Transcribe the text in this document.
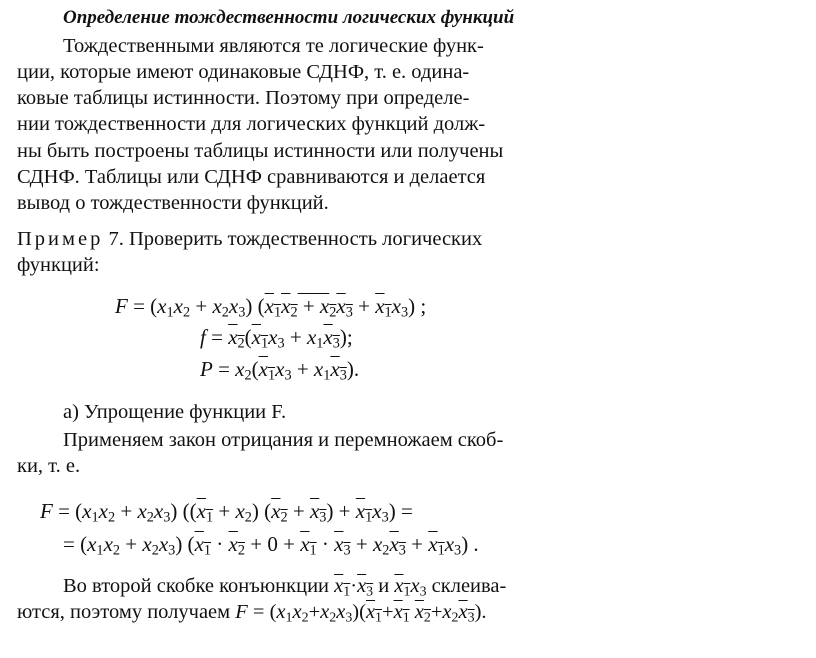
Определение тождественности логических функций
Тождественными являются те логические функ-
ции, которые имеют одинаковые СДНФ, т. е. одина-
ковые таблицы истинности. Поэтому при определе-
нии тождественности для логических функций долж-
ны быть построены таблицы истинности или получены
СДНФ. Таблицы или СДНФ сравниваются и делается
вывод о тождественности функций.
Пример 7. Проверить тождественность логических
функций:
$F = (x_1x_2 + x_2x_3) (x_1x_2 + x_2x_3 + x_1x_3)$ ;
$f = x_2(x_1x_3 + x_1x_3)$;
$P = x_2(x_1x_3 + x_1x_3)$.
а) Упрощение функции F.
Применяем закон отрицания и перемножаем скоб-
ки, т. е.
$F = (x_1x_2 + x_2x_3) ((x_1 + x_2) (x_2 + x_3) + x_1x_3)$ =
= $(x_1x_2 + x_2x_3) (x_1 \cdot x_2 + 0 + x_1 \cdot x_3 + x_2x_3 + x_1x_3)$ .
Во второй скобке конъюнкции $x_1\cdot x_3$ и $x_1x_3$ склеива-
ются, поэтому получаем $F = (x_1x_2+x_2x_3)(x_1+x_1$ $x_2+x_2x_3$).
